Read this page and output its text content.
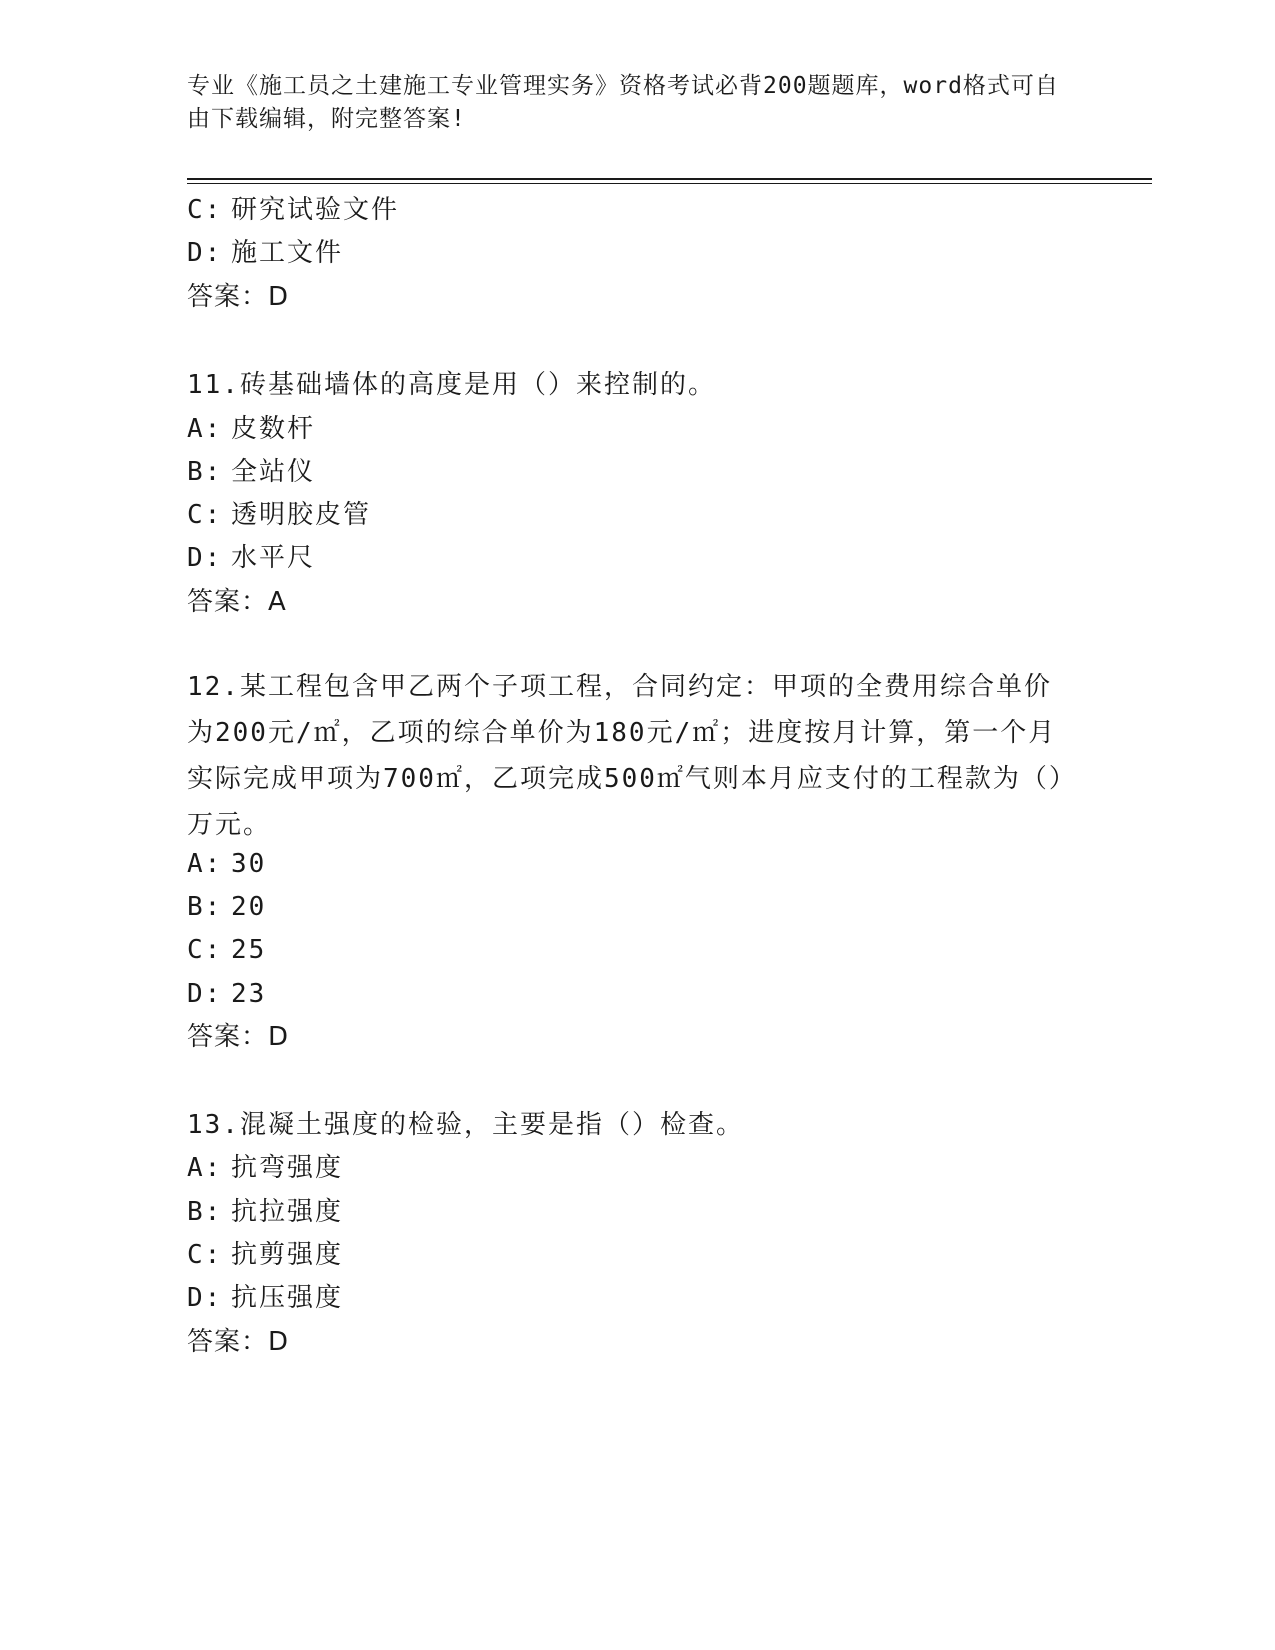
专业《施工员之土建施工专业管理实务》资格考试必背200题题库，word格式可自由下载编辑，附完整答案!
C: 研究试验文件
D: 施工文件
答案：D
11.砖基础墙体的高度是用（）来控制的。
A: 皮数杆
B: 全站仪
C: 透明胶皮管
D: 水平尺
答案：A
12.某工程包含甲乙两个子项工程，合同约定：甲项的全费用综合单价为200元/㎡，乙项的综合单价为180元/㎡；进度按月计算，第一个月实际完成甲项为700㎡，乙项完成500㎡气则本月应支付的工程款为（）万元。
A: 30
B: 20
C: 25
D: 23
答案：D
13.混凝土强度的检验，主要是指（）检查。
A: 抗弯强度
B: 抗拉强度
C: 抗剪强度
D: 抗压强度
答案：D
